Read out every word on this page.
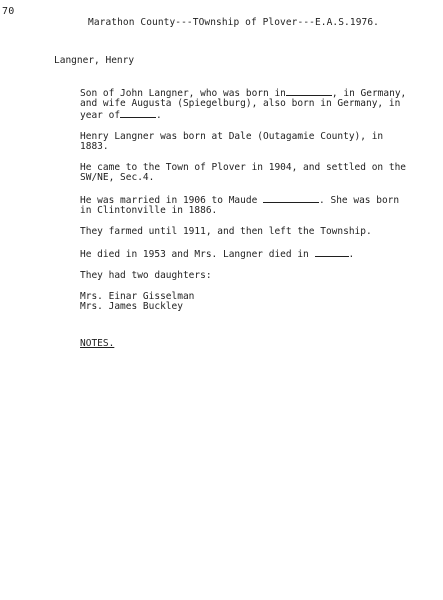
70
Marathon County---TOwnship of Plover---E.A.S.1976.
Langner, Henry

Son of John Langner, who was born in	, in Germany,
and wife Augusta (Spiegelburg), also born in Germany, in
year of	.

Henry Langner was born at Dale (Outagamie County), in 1883.

He came to the Town of Plover in 1904, and settled on the
SW/NE, Sec.4.

He was married in 1906 to Maude	. She was born
in Clintonville in 1886.

They farmed until 1911, and then left the Township.

He died in 1953 and Mrs. Langner died in	.

They had two daughters:

Mrs. Einar Gisselman
Mrs. James Buckley
NOTES.
